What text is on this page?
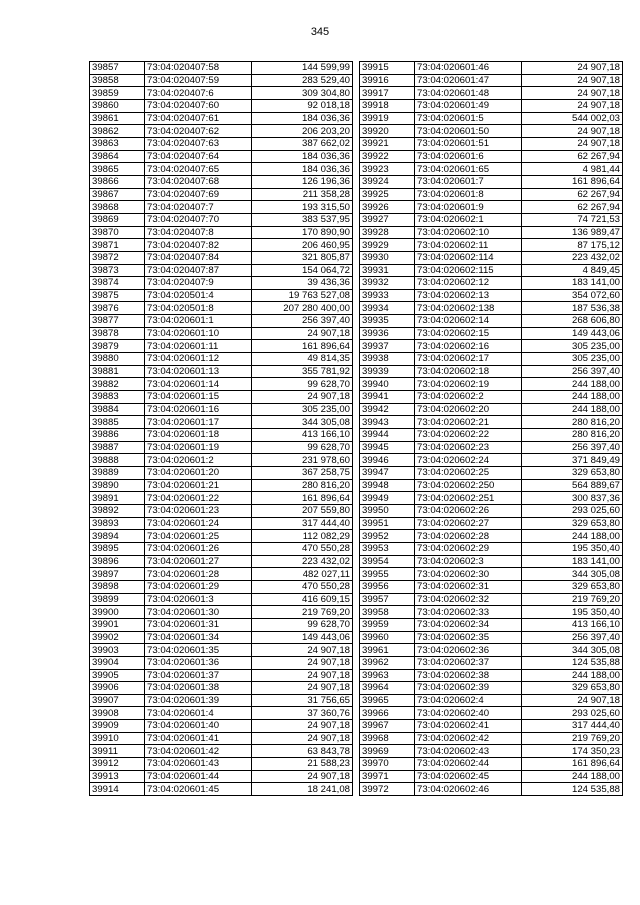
345
39857	73:04:020407:58	144 599,99
39858	73:04:020407:59	283 529,40
39859	73:04:020407:6	309 304,80
39860	73:04:020407:60	92 018,18
39861	73:04:020407:61	184 036,36
39862	73:04:020407:62	206 203,20
39863	73:04:020407:63	387 662,02
39864	73:04:020407:64	184 036,36
39865	73:04:020407:65	184 036,36
39866	73:04:020407:68	126 196,36
39867	73:04:020407:69	211 358,28
39868	73:04:020407:7	193 315,50
39869	73:04:020407:70	383 537,95
39870	73:04:020407:8	170 890,90
39871	73:04:020407:82	206 460,95
39872	73:04:020407:84	321 805,87
39873	73:04:020407:87	154 064,72
39874	73:04:020407:9	39 436,36
39875	73:04:020501:4	19 763 527,08
39876	73:04:020501:8	207 280 400,00
39877	73:04:020601:1	256 397,40
39878	73:04:020601:10	24 907,18
39879	73:04:020601:11	161 896,64
39880	73:04:020601:12	49 814,35
39881	73:04:020601:13	355 781,92
39882	73:04:020601:14	99 628,70
39883	73:04:020601:15	24 907,18
39884	73:04:020601:16	305 235,00
39885	73:04:020601:17	344 305,08
39886	73:04:020601:18	413 166,10
39887	73:04:020601:19	99 628,70
39888	73:04:020601:2	231 978,60
39889	73:04:020601:20	367 258,75
39890	73:04:020601:21	280 816,20
39891	73:04:020601:22	161 896,64
39892	73:04:020601:23	207 559,80
39893	73:04:020601:24	317 444,40
39894	73:04:020601:25	112 082,29
39895	73:04:020601:26	470 550,28
39896	73:04:020601:27	223 432,02
39897	73:04:020601:28	482 027,11
39898	73:04:020601:29	470 550,28
39899	73:04:020601:3	416 609,15
39900	73:04:020601:30	219 769,20
39901	73:04:020601:31	99 628,70
39902	73:04:020601:34	149 443,06
39903	73:04:020601:35	24 907,18
39904	73:04:020601:36	24 907,18
39905	73:04:020601:37	24 907,18
39906	73:04:020601:38	24 907,18
39907	73:04:020601:39	31 756,65
39908	73:04:020601:4	37 360,76
39909	73:04:020601:40	24 907,18
39910	73:04:020601:41	24 907,18
39911	73:04:020601:42	63 843,78
39912	73:04:020601:43	21 588,23
39913	73:04:020601:44	24 907,18
39914	73:04:020601:45	18 241,08
39915	73:04:020601:46	24 907,18
39916	73:04:020601:47	24 907,18
39917	73:04:020601:48	24 907,18
39918	73:04:020601:49	24 907,18
39919	73:04:020601:5	544 002,03
39920	73:04:020601:50	24 907,18
39921	73:04:020601:51	24 907,18
39922	73:04:020601:6	62 267,94
39923	73:04:020601:65	4 981,44
39924	73:04:020601:7	161 896,64
39925	73:04:020601:8	62 267,94
39926	73:04:020601:9	62 267,94
39927	73:04:020602:1	74 721,53
39928	73:04:020602:10	136 989,47
39929	73:04:020602:11	87 175,12
39930	73:04:020602:114	223 432,02
39931	73:04:020602:115	4 849,45
39932	73:04:020602:12	183 141,00
39933	73:04:020602:13	354 072,60
39934	73:04:020602:138	187 536,38
39935	73:04:020602:14	268 606,80
39936	73:04:020602:15	149 443,06
39937	73:04:020602:16	305 235,00
39938	73:04:020602:17	305 235,00
39939	73:04:020602:18	256 397,40
39940	73:04:020602:19	244 188,00
39941	73:04:020602:2	244 188,00
39942	73:04:020602:20	244 188,00
39943	73:04:020602:21	280 816,20
39944	73:04:020602:22	280 816,20
39945	73:04:020602:23	256 397,40
39946	73:04:020602:24	371 849,49
39947	73:04:020602:25	329 653,80
39948	73:04:020602:250	564 889,67
39949	73:04:020602:251	300 837,36
39950	73:04:020602:26	293 025,60
39951	73:04:020602:27	329 653,80
39952	73:04:020602:28	244 188,00
39953	73:04:020602:29	195 350,40
39954	73:04:020602:3	183 141,00
39955	73:04:020602:30	344 305,08
39956	73:04:020602:31	329 653,80
39957	73:04:020602:32	219 769,20
39958	73:04:020602:33	195 350,40
39959	73:04:020602:34	413 166,10
39960	73:04:020602:35	256 397,40
39961	73:04:020602:36	344 305,08
39962	73:04:020602:37	124 535,88
39963	73:04:020602:38	244 188,00
39964	73:04:020602:39	329 653,80
39965	73:04:020602:4	24 907,18
39966	73:04:020602:40	293 025,60
39967	73:04:020602:41	317 444,40
39968	73:04:020602:42	219 769,20
39969	73:04:020602:43	174 350,23
39970	73:04:020602:44	161 896,64
39971	73:04:020602:45	244 188,00
39972	73:04:020602:46	124 535,88
